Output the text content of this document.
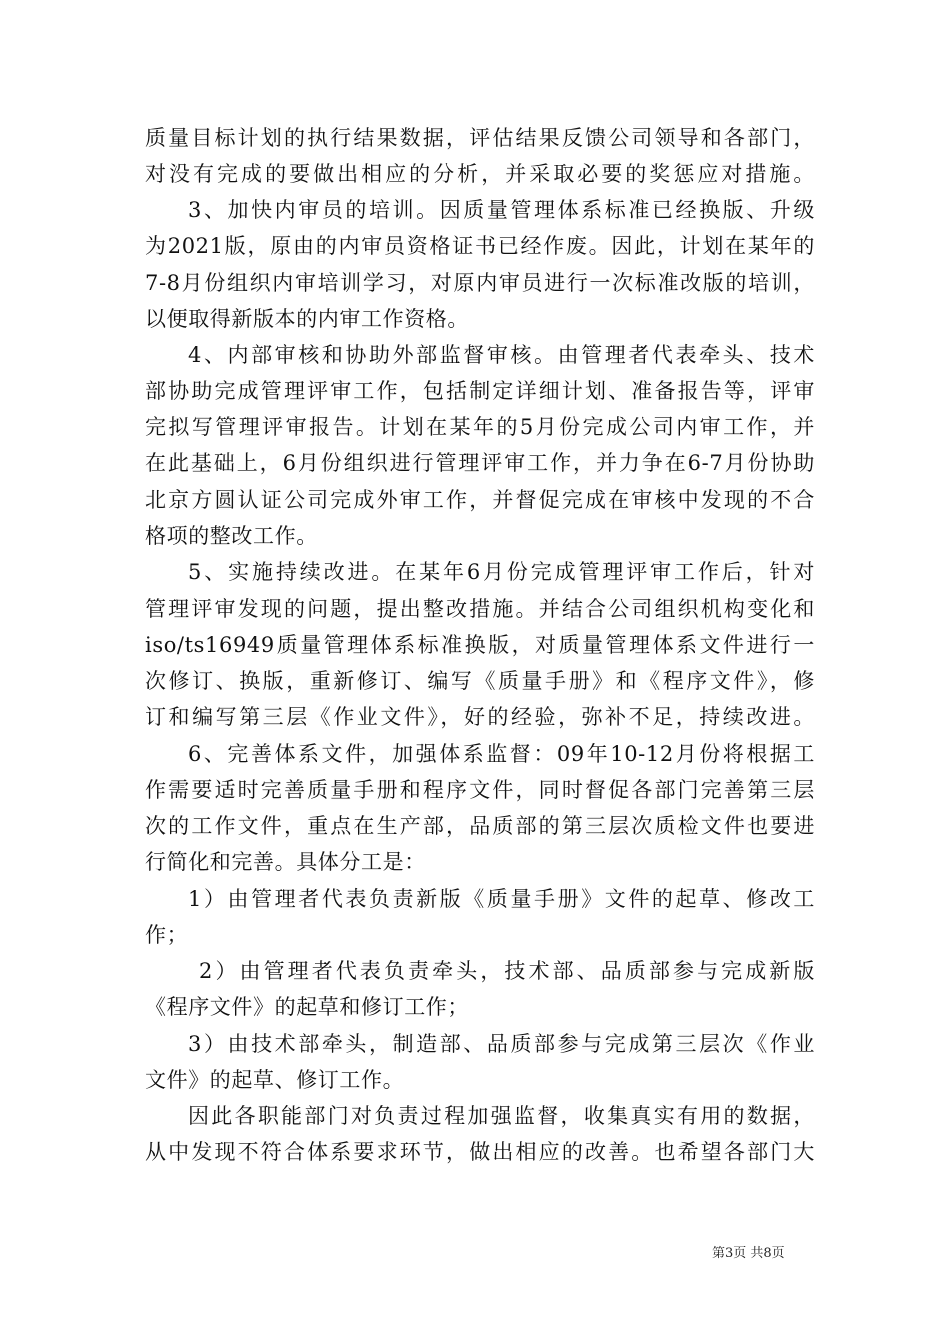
质量目标计划的执行结果数据，评估结果反馈公司领导和各部门，
对没有完成的要做出相应的分析，并采取必要的奖惩应对措施。
3、加快内审员的培训。因质量管理体系标准已经换版、升级
为2021版，原由的内审员资格证书已经作废。因此，计划在某年的
7-8月份组织内审培训学习，对原内审员进行一次标准改版的培训，
以便取得新版本的内审工作资格。
4、内部审核和协助外部监督审核。由管理者代表牵头、技术
部协助完成管理评审工作，包括制定详细计划、准备报告等，评审
完拟写管理评审报告。计划在某年的5月份完成公司内审工作，并
在此基础上，6月份组织进行管理评审工作，并力争在6-7月份协助
北京方圆认证公司完成外审工作，并督促完成在审核中发现的不合
格项的整改工作。
5、实施持续改进。在某年6月份完成管理评审工作后，针对
管理评审发现的问题，提出整改措施。并结合公司组织机构变化和
iso/ts16949质量管理体系标准换版，对质量管理体系文件进行一
次修订、换版，重新修订、编写《质量手册》和《程序文件》，修
订和编写第三层《作业文件》，好的经验，弥补不足，持续改进。
6、完善体系文件，加强体系监督：09年10-12月份将根据工
作需要适时完善质量手册和程序文件，同时督促各部门完善第三层
次的工作文件，重点在生产部，品质部的第三层次质检文件也要进
行简化和完善。具体分工是：
1）由管理者代表负责新版《质量手册》文件的起草、修改工
作；
2）由管理者代表负责牵头，技术部、品质部参与完成新版
《程序文件》的起草和修订工作；
3）由技术部牵头，制造部、品质部参与完成第三层次《作业
文件》的起草、修订工作。
因此各职能部门对负责过程加强监督，收集真实有用的数据，
从中发现不符合体系要求环节，做出相应的改善。也希望各部门大
第3页 共8页
